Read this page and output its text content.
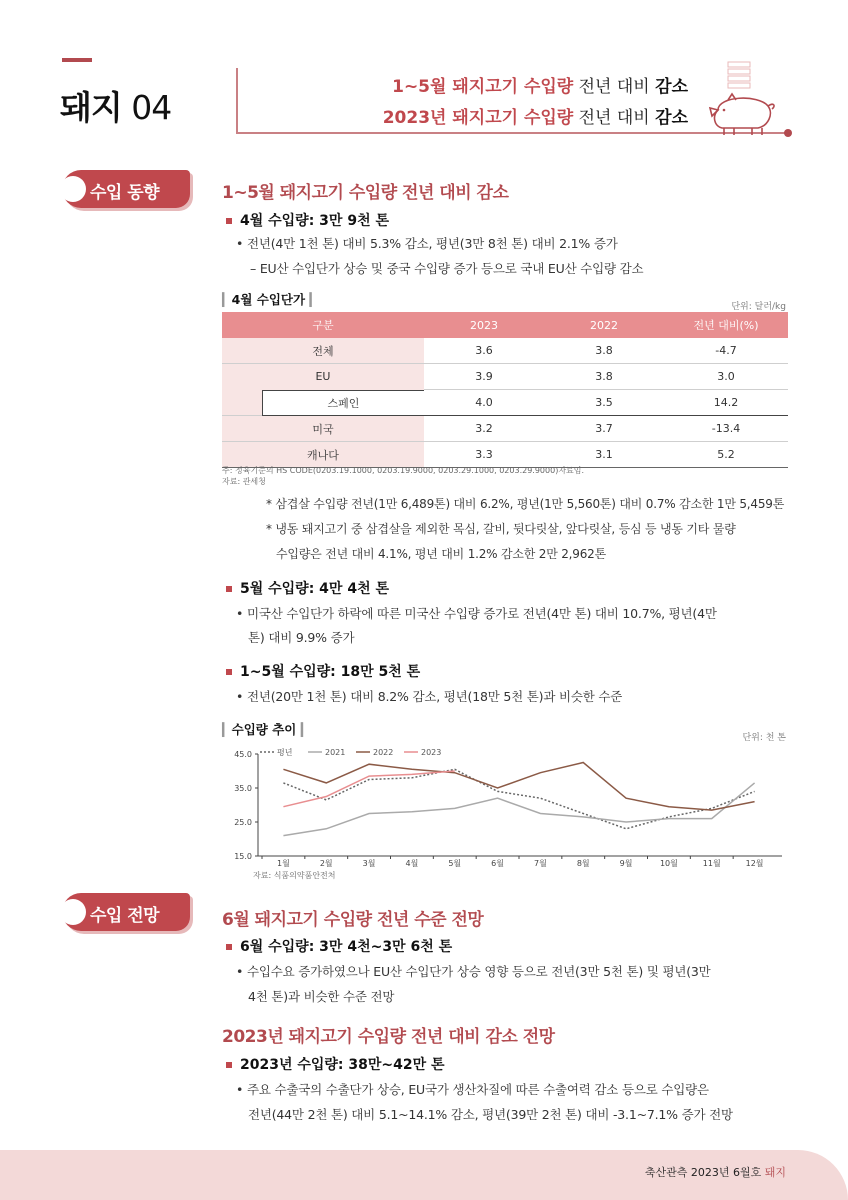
돼지 04
1~5월 돼지고기 수입량 전년 대비 감소
2023년 돼지고기 수입량 전년 대비 감소
수입 동향	1~5월 돼지고기 수입량 전년 대비 감소
4월 수입량: 3만 9천 톤
• 전년(4만 1천 톤) 대비 5.3% 감소, 평년(3만 8천 톤) 대비 2.1% 증가
– EU산 수입단가 상승 및 중국 수입량 증가 등으로 국내 EU산 수입량 감소
▎4월 수입단가 ▎	단위: 달러/kg
구분	2023	2022	전년 대비(%)
전체	3.6	3.8	-4.7
EU	3.9	3.8	3.0

스페인	4.0	3.5	14.2
미국	3.2	3.7	-13.4
캐나다	3.3	3.1	5.2
주: 정육기준의 HS CODE(0203.19.1000, 0203.19.9000, 0203.29.1000, 0203.29.9000)자료임.
자료: 관세청
* 삼겹살 수입량 전년(1만 6,489톤) 대비 6.2%, 평년(1만 5,560톤) 대비 0.7% 감소한 1만 5,459톤
* 냉동 돼지고기 중 삼겹살을 제외한 목심, 갈비, 뒷다릿살, 앞다릿살, 등심 등 냉동 기타 물량
수입량은 전년 대비 4.1%, 평년 대비 1.2% 감소한 2만 2,962톤
5월 수입량: 4만 4천 톤
• 미국산 수입단가 하락에 따른 미국산 수입량 증가로 전년(4만 톤) 대비 10.7%, 평년(4만
톤) 대비 9.9% 증가
1~5월 수입량: 18만 5천 톤
• 전년(20만 1천 톤) 대비 8.2% 감소, 평년(18만 5천 톤)과 비슷한 수준
▎수입량 추이 ▎
단위: 천 톤
45.0
35.0
25.0
15.0
1월	2월	3월	4월	5월	6월	7월	8월	9월	10월	11월	12월
평년	2021	2022	2023
자료: 식품의약품안전처
수입 전망	6월 돼지고기 수입량 전년 수준 전망
6월 수입량: 3만 4천~3만 6천 톤
• 수입수요 증가하였으나 EU산 수입단가 상승 영향 등으로 전년(3만 5천 톤) 및 평년(3만
4천 톤)과 비슷한 수준 전망
2023년 돼지고기 수입량 전년 대비 감소 전망
2023년 수입량: 38만~42만 톤
• 주요 수출국의 수출단가 상승, EU국가 생산차질에 따른 수출여력 감소 등으로 수입량은
전년(44만 2천 톤) 대비 5.1~14.1% 감소, 평년(39만 2천 톤) 대비 -3.1~7.1% 증가 전망
축산관측 2023년 6월호 돼지
